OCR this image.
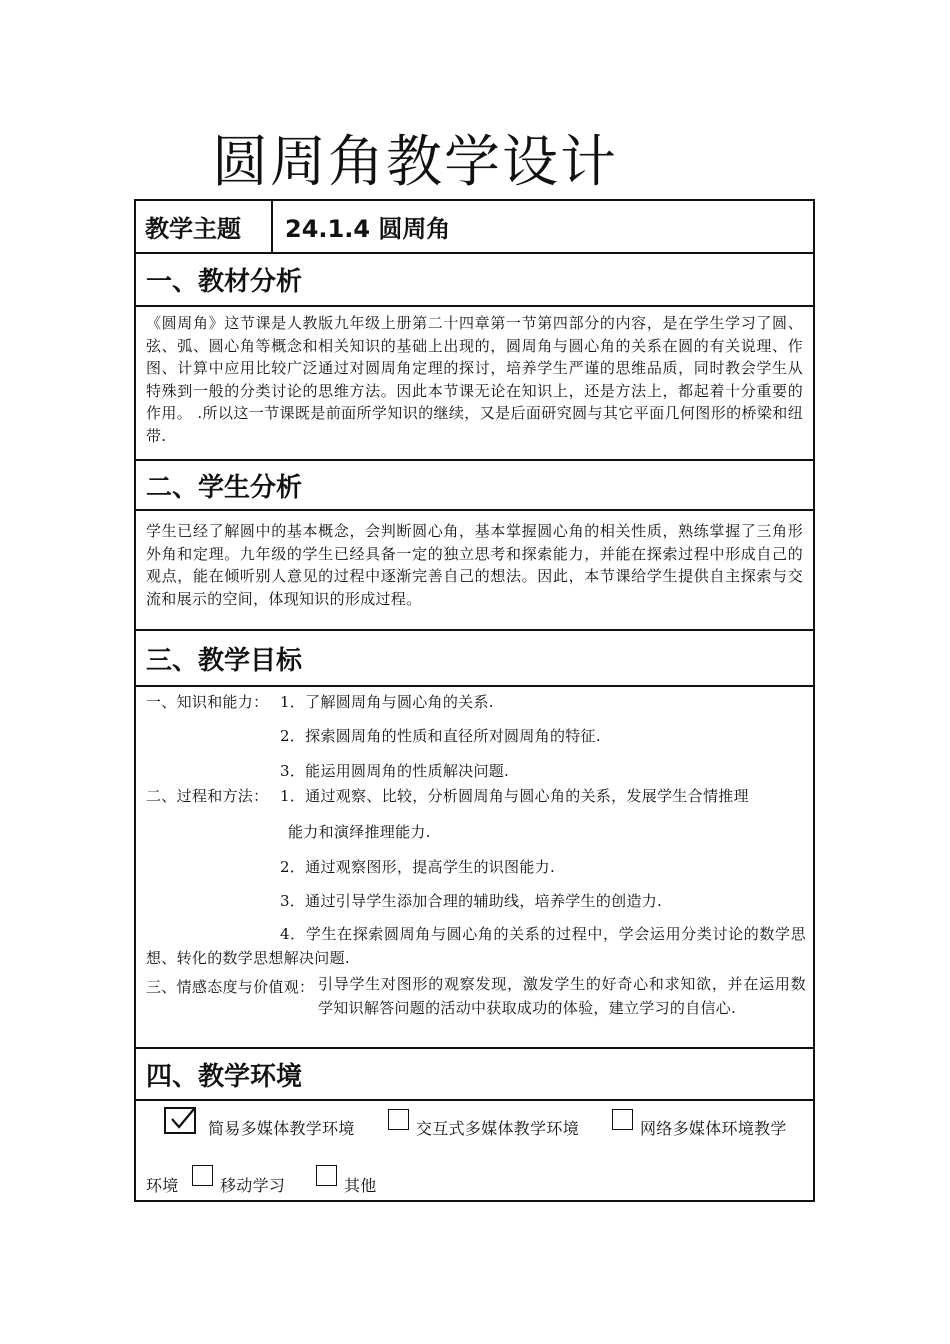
圆周角教学设计
教学主题	24.1.4 圆周角
一、教材分析
《圆周角》这节课是人教版九年级上册第二十四章第一节第四部分的内容，是在学生学习了圆、弦、弧、圆心角等概念和相关知识的基础上出现的，圆周角与圆心角的关系在圆的有关说理、作图、计算中应用比较广泛通过对圆周角定理的探讨，培养学生严谨的思维品质，同时教会学生从特殊到一般的分类讨论的思维方法。因此本节课无论在知识上，还是方法上，都起着十分重要的作用。 .所以这一节课既是前面所学知识的继续，又是后面研究圆与其它平面几何图形的桥梁和纽带.
二、学生分析
学生已经了解圆中的基本概念，会判断圆心角，基本掌握圆心角的相关性质，熟练掌握了三角形外角和定理。九年级的学生已经具备一定的独立思考和探索能力，并能在探索过程中形成自己的观点，能在倾听别人意见的过程中逐渐完善自己的想法。因此，本节课给学生提供自主探索与交流和展示的空间，体现知识的形成过程。
三、教学目标
一、知识和能力： 1．了解圆周角与圆心角的关系.
2．探索圆周角的性质和直径所对圆周角的特征.
3．能运用圆周角的性质解决问题.
二、过程和方法： 1．通过观察、比较，分析圆周角与圆心角的关系，发展学生合情推理
能力和演绎推理能力.
2．通过观察图形，提高学生的识图能力.
3．通过引导学生添加合理的辅助线，培养学生的创造力.
4．学生在探索圆周角与圆心角的关系的过程中，学会运用分类讨论的数学思想、转化的数学思想解决问题.
三、情感态度与价值观： 引导学生对图形的观察发现，激发学生的好奇心和求知欲，并在运用数学知识解答问题的活动中获取成功的体验，建立学习的自信心.
四、教学环境
简易多媒体教学环境	交互式多媒体教学环境	网络多媒体环境教学
环境	移动学习	其他
